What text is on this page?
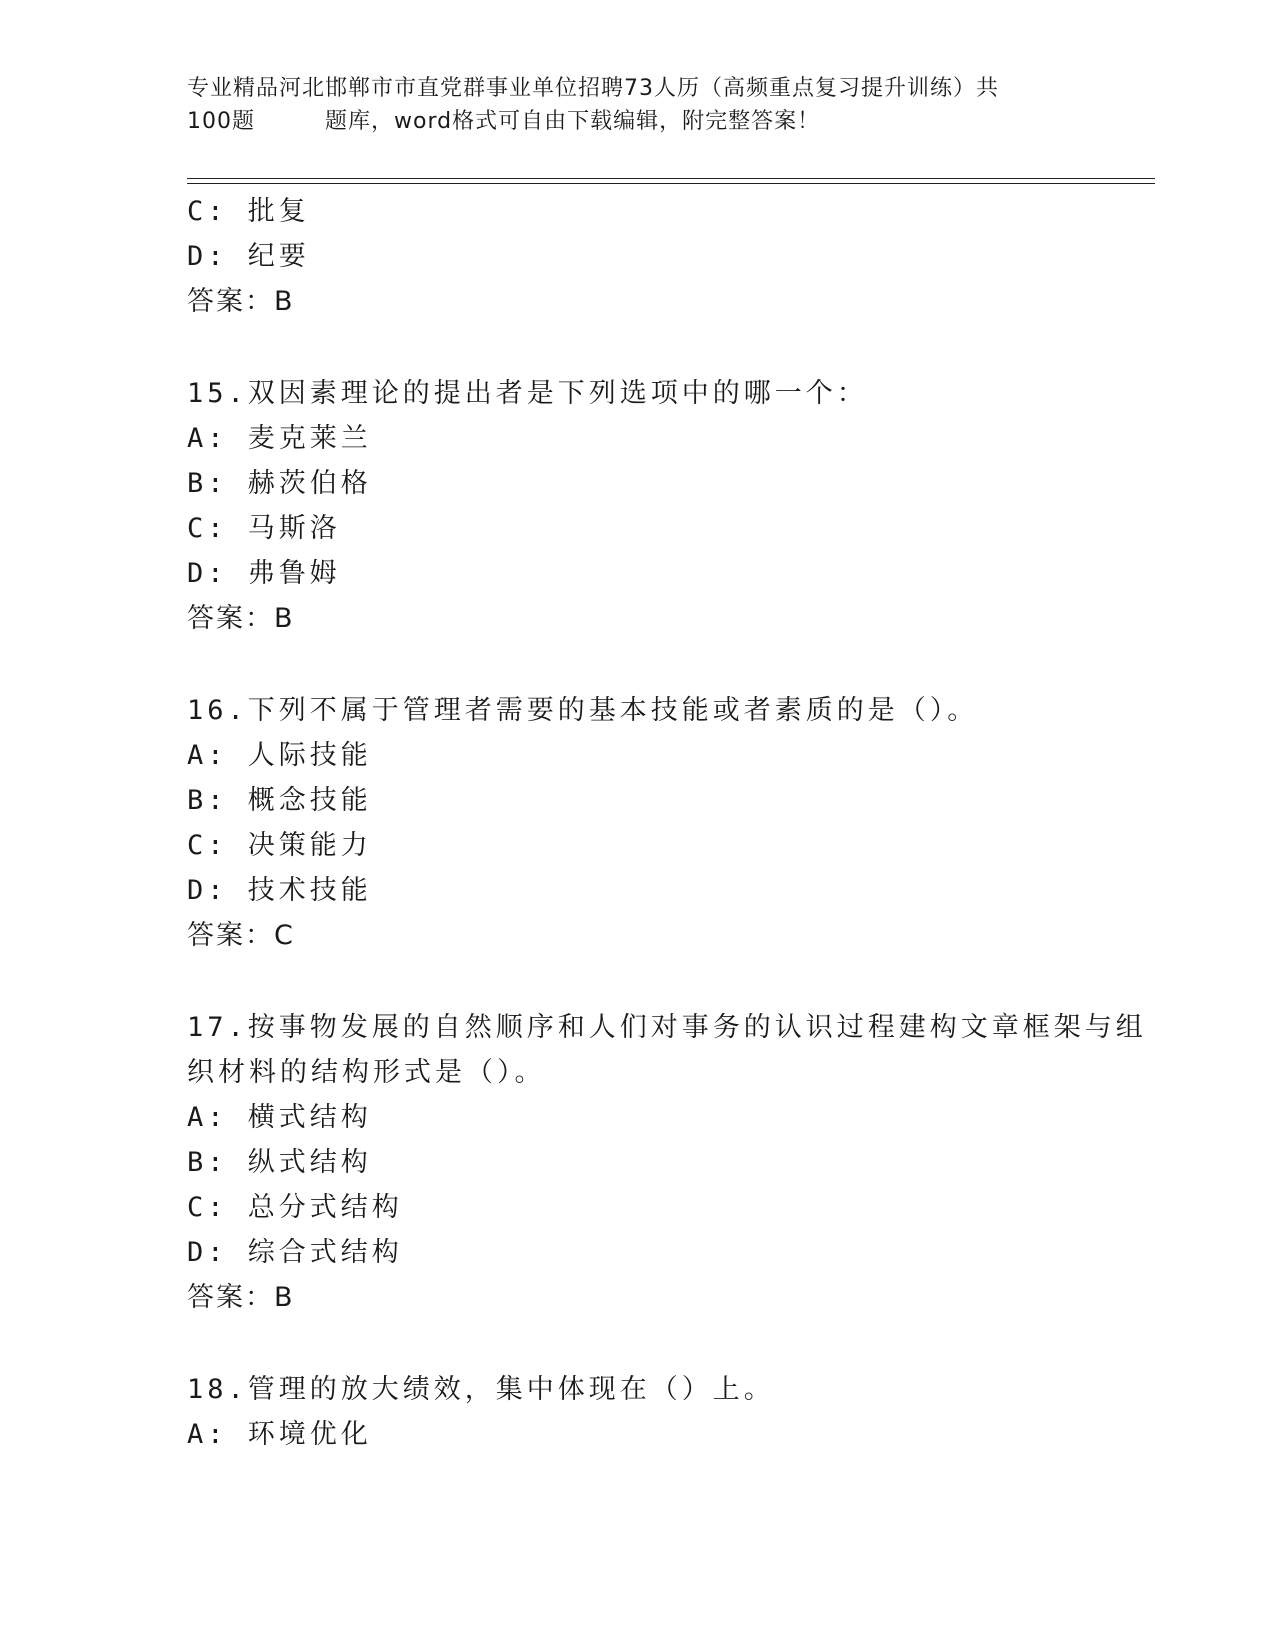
专业精品河北邯郸市市直党群事业单位招聘73人历（高频重点复习提升训练）共
100题	题库，word格式可自由下载编辑，附完整答案！
C: 批复
D: 纪要
答案：B
15.双因素理论的提出者是下列选项中的哪一个：
A: 麦克莱兰
B: 赫茨伯格
C: 马斯洛
D: 弗鲁姆
答案：B
16.下列不属于管理者需要的基本技能或者素质的是（）。
A: 人际技能
B: 概念技能
C: 决策能力
D: 技术技能
答案：C
17.按事物发展的自然顺序和人们对事务的认识过程建构文章框架与组
织材料的结构形式是（）。
A: 横式结构
B: 纵式结构
C: 总分式结构
D: 综合式结构
答案：B
18.管理的放大绩效，集中体现在（）上。
A: 环境优化
